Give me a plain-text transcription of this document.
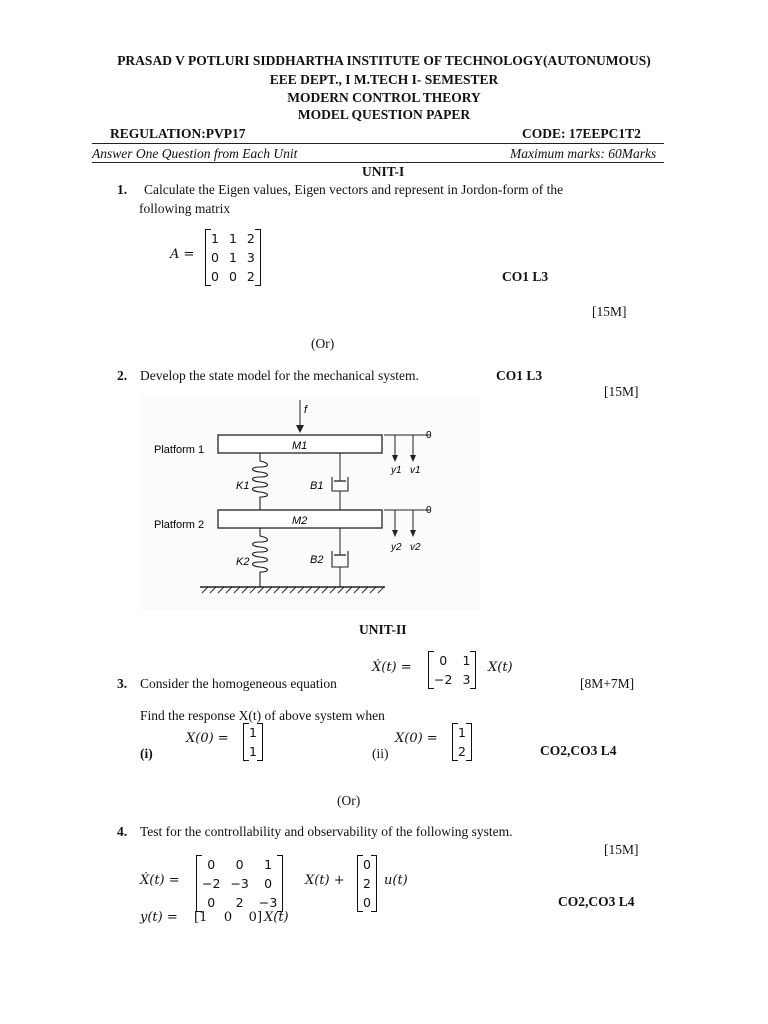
PRASAD V POTLURI SIDDHARTHA INSTITUTE OF TECHNOLOGY(AUTONUMOUS)
EEE DEPT., I M.TECH I- SEMESTER
MODERN CONTROL THEORY
MODEL QUESTION PAPER
REGULATION:PVP17	CODE: 17EEPC1T2
Answer One Question from Each Unit	Maximum marks: 60Marks
UNIT-I
1. Calculate the Eigen values, Eigen vectors and represent in Jordon-form of the
following matrix
A =
1	1	2
0	1	3
0	0	2	CO1 L3
[15M]
(Or)
2. Develop the state model for the mechanical system.	CO1 L3
[15M]
f
Platform 1	M1
0
y1 v1
K1	B1
Platform 2	M2
0
y2 v2
K2	B2
UNIT-II
Ẋ(t) = 0	1
−2	3
X(t)
3. Consider the homogeneous equation	[8M+7M]
Find the response X(t) of above system when
(i)
X(0) = 1
1	(ii)
X(0) = 1
2	CO2,CO3 L4
(Or)
4. Test for the controllability and observability of the following system.
[15M]
Ẋ(t) =
0	0	1
−2	−3	0
0	2	−3
X(t) +
0
2
0
u(t)
CO2,CO3 L4
y(t) = [1    0    0] X(t)
